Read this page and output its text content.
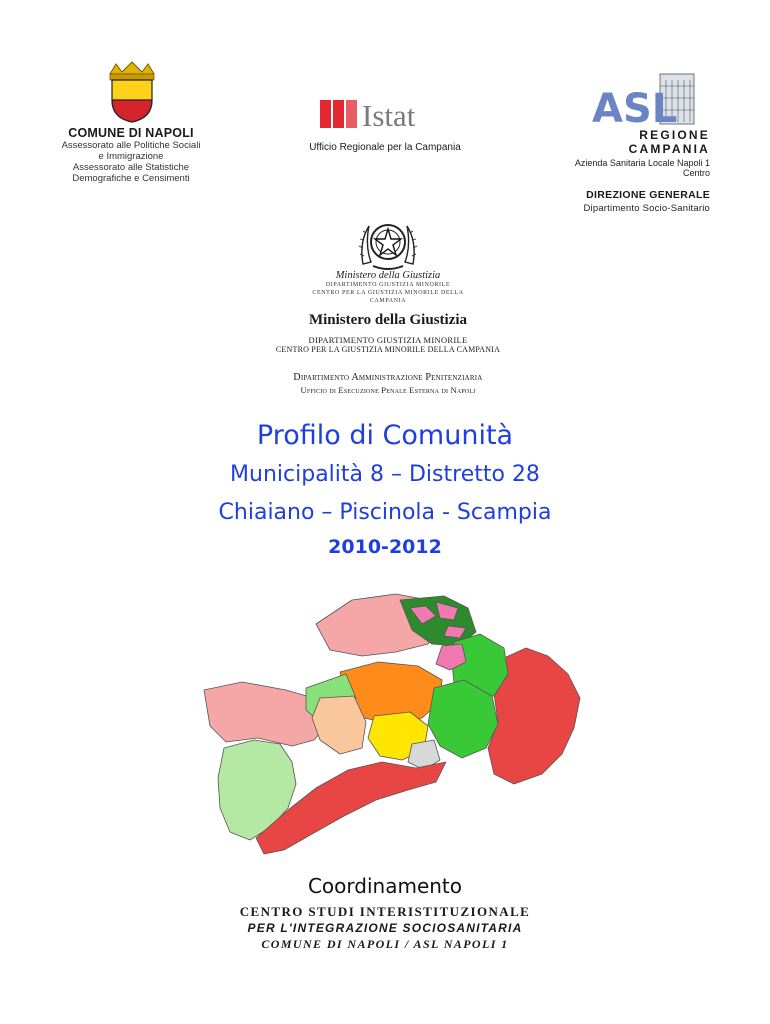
COMUNE DI NAPOLI
Assessorato alle Politiche Sociali
e Immigrazione
Assessorato alle Statistiche
Demografiche e Censimenti
Istat
Ufficio Regionale per la Campania
ASL
REGIONE CAMPANIA
Azienda Sanitaria Locale Napoli 1 Centro
DIREZIONE GENERALE
Dipartimento Socio-Sanitario
Ministero della Giustizia
DIPARTIMENTO GIUSTIZIA MINORILE
CENTRO PER LA GIUSTIZIA MINORILE DELLA CAMPANIA
Ministero della Giustizia
DIPARTIMENTO GIUSTIZIA MINORILE
CENTRO PER LA GIUSTIZIA MINORILE DELLA CAMPANIA
Dipartimento Amministrazione Penitenziaria
Ufficio di Esecuzione Penale Esterna di Napoli
Profilo di Comunità
Municipalità 8 – Distretto 28
Chiaiano – Piscinola - Scampia
2010-2012
Coordinamento
CENTRO STUDI INTERISTITUZIONALE
PER L'INTEGRAZIONE SOCIOSANITARIA
COMUNE DI NAPOLI / ASL NAPOLI 1
